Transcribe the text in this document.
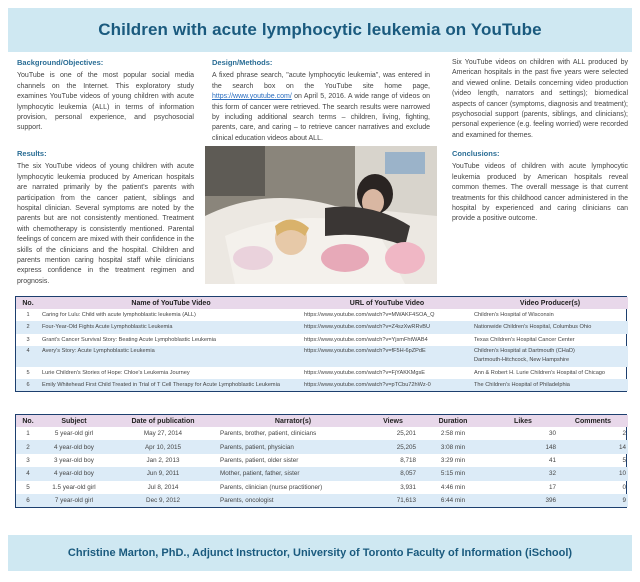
Children with acute lymphocytic leukemia on YouTube
Background/Objectives:

YouTube is one of the most popular social media channels on the Internet. This exploratory study examines YouTube videos of young children with acute lymphocytic leukemia (ALL) in terms of information provision, personal experience, and psychosocial support.

Results:

The six YouTube videos of young children with acute lymphocytic leukemia produced by American hospitals are narrated primarily by the patient's parents with participation from the cancer patient, siblings and hospital clinician. Several symptoms are noted by the parents but are not consistently mentioned. Treatment with chemotherapy is consistently mentioned. Parental feelings of concern are mixed with their confidence in the skills of the clinicians and the hospital. Children and parents mention caring hospital staff while clinicians express confidence in the treatment regimen and prognosis.

Design/Methods:

A fixed phrase search, "acute lymphocytic leukemia", was entered in the search box on the YouTube site home page, https://www.youtube.com/ on April 5, 2016. A wide range of videos on this form of cancer were retrieved. The search results were narrowed by including additional search terms – children, living, fighting, parents, care, and caring – to retrieve cancer narratives and exclude clinical education videos about ALL.

Six YouTube videos on children with ALL produced by American hospitals in the past five years were selected and viewed online. Details concerning video production (video length, narrators and settings); biomedical aspects of cancer (symptoms, diagnosis and treatment); psychosocial support (parents, siblings, and clinicians); personal experience (e.g. feeling worried) were recorded and examined for themes.

Conclusions:

YouTube videos of children with acute lymphocytic leukemia produced by American hospitals reveal common themes. The overall message is that current treatments for this childhood cancer administered in the hospital by experienced and caring clinicians can provide a positive outcome.

No.	Name of YouTube Video	URL of YouTube Video	Video Producer(s)
1	Caring for Lulu: Child with acute lymphoblastic leukemia (ALL)	https://www.youtube.com/watch?v=MWAKF4SOA_Q	Children's Hospital of Wisconsin
2	Four-Year-Old Fights Acute Lymphoblastic Leukemia	https://www.youtube.com/watch?v=Z4szXwRRvBU	Nationwide Children's Hospital, Columbus Ohio
3	Grant's Cancer Survival Story: Beating Acute Lymphoblastic Leukemia	https://www.youtube.com/watch?v=YjsmFhtWAB4	Texas Children's Hospital Cancer Center
4	Avery's Story: Acute Lymphoblastic Leukemia	https://www.youtube.com/watch?v=fF5H-6pZPdE	Children's Hospital at Dartmouth (CHaD)
Dartmouth-Hitchcock, New Hampshire

5	Lurie Children's Stories of Hope: Chloe's Leukemia Journey	https://www.youtube.com/watch?v=FjYAKKMgsE	Ann & Robert H. Lurie Children's Hospital of Chicago
6	Emily Whitehead First Child Treated in Trial of T Cell Therapy for Acute Lymphoblastic Leukemia	https://www.youtube.com/watch?v=pTCbu72hWz-0	The Children's Hospital of Philadelphia
No.	Subject	Date of publication	Narrator(s)	Views	Duration	Likes	Comments
1	5 year-old girl	May 27, 2014	Parents, brother, patient, clinicians	25,201	2:58 min	30	2
2	4 year-old boy	Apr 10, 2015	Parents, patient, physician	25,205	3:08 min	148	14
3	3 year-old boy	Jan 2, 2013	Parents, patient, older sister	8,718	3:29 min	41	5
4	4 year-old boy	Jun 9, 2011	Mother, patient, father, sister	8,057	5:15 min	32	10
5	1.5 year-old girl	Jul 8, 2014	Parents, clinician (nurse practitioner)	3,931	4:46 min	17	0
6	7 year-old girl	Dec 9, 2012	Parents, oncologist	71,613	6:44 min	396	9
Christine Marton, PhD., Adjunct Instructor, University of Toronto Faculty of Information (iSchool)
